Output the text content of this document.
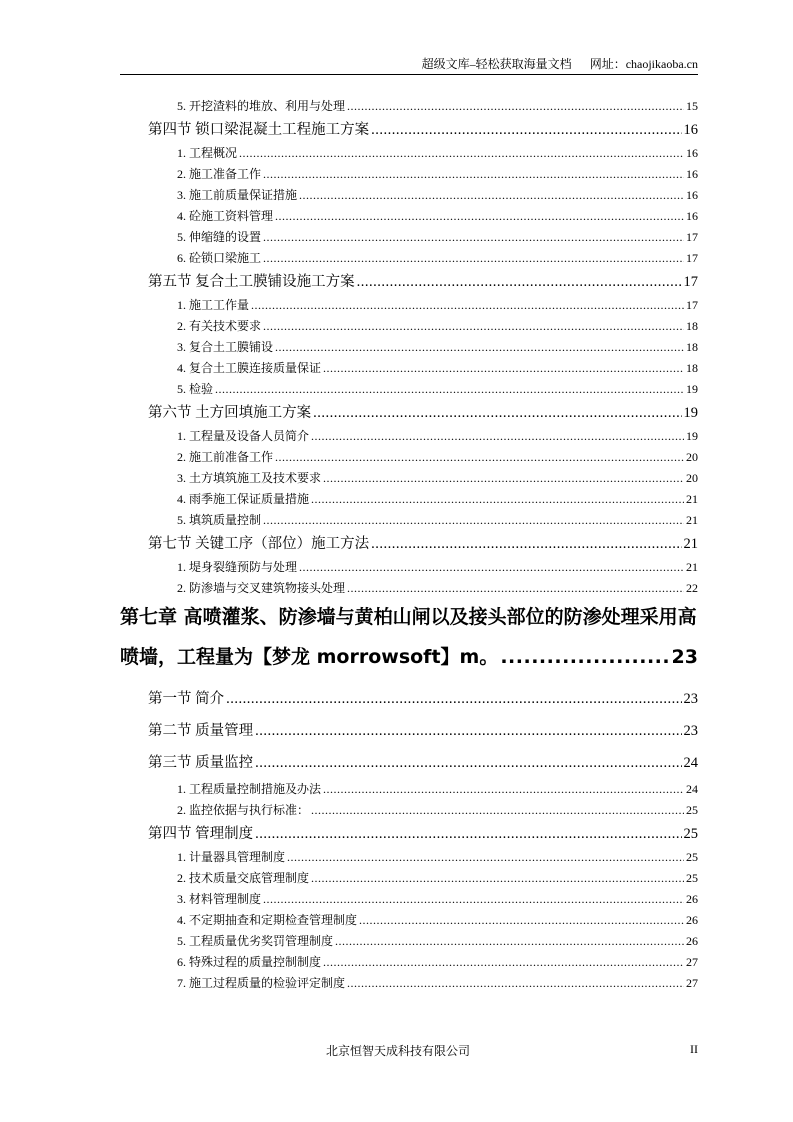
超级文库–轻松获取海量文档 网址：chaojikaoba.cn
5. 开挖渣料的堆放、利用与处理 .....	15
第四节 锁口梁混凝土工程施工方案 .....	16
1. 工程概况 .....	16
2. 施工准备工作 .....	16
3. 施工前质量保证措施 .....	16
4. 砼施工资料管理 .....	16
5. 伸缩缝的设置 .....	17
6. 砼锁口梁施工 .....	17
第五节 复合土工膜铺设施工方案 .....	17
1. 施工工作量 .....	17
2. 有关技术要求 .....	18
3. 复合土工膜铺设 .....	18
4. 复合土工膜连接质量保证 .....	18
5. 检验 .....	19
第六节 土方回填施工方案 .....	19
1. 工程量及设备人员简介 .....	19
2. 施工前准备工作 .....	20
3. 土方填筑施工及技术要求 .....	20
4. 雨季施工保证质量措施 .....	21
5. 填筑质量控制 .....	21
第七节 关键工序（部位）施工方法 .....	21
1. 堤身裂缝预防与处理 .....	21
2. 防渗墙与交叉建筑物接头处理 .....	22
第七章 高喷灌浆、防渗墙与黄柏山闸以及接头部位的防渗处理采用高
喷墙，工程量为【梦龙 morrowsoft】m。 .....	23
第一节 简介 .....	23
第二节 质量管理 .....	23
第三节 质量监控 .....	24
1. 工程质量控制措施及办法 .....	24
2. 监控依据与执行标准： .....	25
第四节 管理制度 .....	25
1. 计量器具管理制度 .....	25
2. 技术质量交底管理制度 .....	25
3. 材料管理制度 .....	26
4. 不定期抽查和定期检查管理制度 .....	26
5. 工程质量优劣奖罚管理制度 .....	26
6. 特殊过程的质量控制制度 .....	27
7. 施工过程质量的检验评定制度 .....	27
北京恒智天成科技有限公司	II
